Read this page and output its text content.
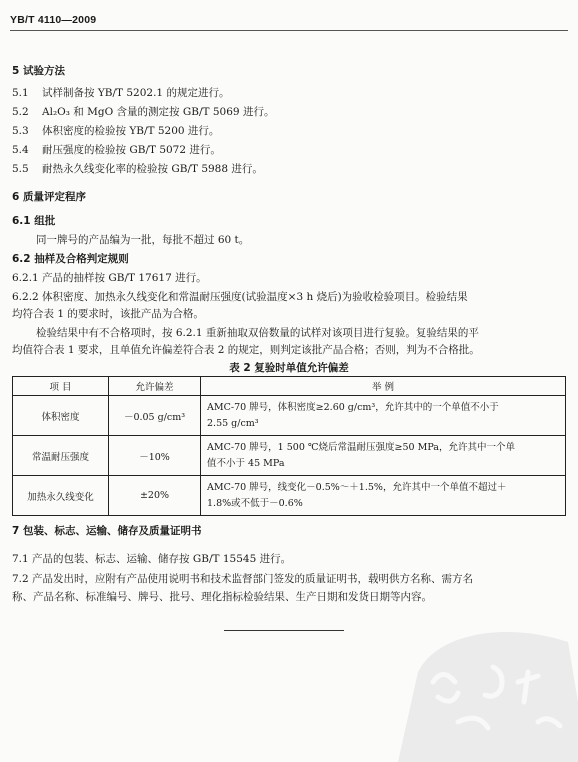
YB/T 4110—2009
5 试验方法
5.1 试样制备按 YB/T 5202.1 的规定进行。
5.2 Al₂O₃ 和 MgO 含量的测定按 GB/T 5069 进行。
5.3 体积密度的检验按 YB/T 5200 进行。
5.4 耐压强度的检验按 GB/T 5072 进行。
5.5 耐热永久线变化率的检验按 GB/T 5988 进行。
6 质量评定程序
6.1 组批
同一牌号的产品编为一批，每批不超过 60 t。
6.2 抽样及合格判定规则
6.2.1 产品的抽样按 GB/T 17617 进行。
6.2.2 体积密度、加热永久线变化和常温耐压强度(试验温度×3 h 烧后)为验收检验项目。检验结果
均符合表 1 的要求时，该批产品为合格。
检验结果中有不合格项时，按 6.2.1 重新抽取双倍数量的试样对该项目进行复验。复验结果的平
均值符合表 1 要求，且单值允许偏差符合表 2 的规定，则判定该批产品合格；否则，判为不合格批。
表 2 复验时单值允许偏差
项 目	允许偏差	举 例
体积密度	－0.05 g/cm³	AMC-70 牌号，体积密度≥2.60 g/cm³，允许其中的一个单值不小于
2.55 g/cm³

常温耐压强度	－10%	AMC-70 牌号，1 500 ℃烧后常温耐压强度≥50 MPa，允许其中一个单
值不小于 45 MPa

加热永久线变化	±20%	AMC-70 牌号，线变化－0.5%～＋1.5%，允许其中一个单值不超过＋
1.8%或不低于－0.6%
7 包装、标志、运输、储存及质量证明书
7.1 产品的包装、标志、运输、储存按 GB/T 15545 进行。
7.2 产品发出时，应附有产品使用说明书和技术监督部门签发的质量证明书，载明供方名称、需方名
称、产品名称、标准编号、牌号、批号、理化指标检验结果、生产日期和发货日期等内容。
